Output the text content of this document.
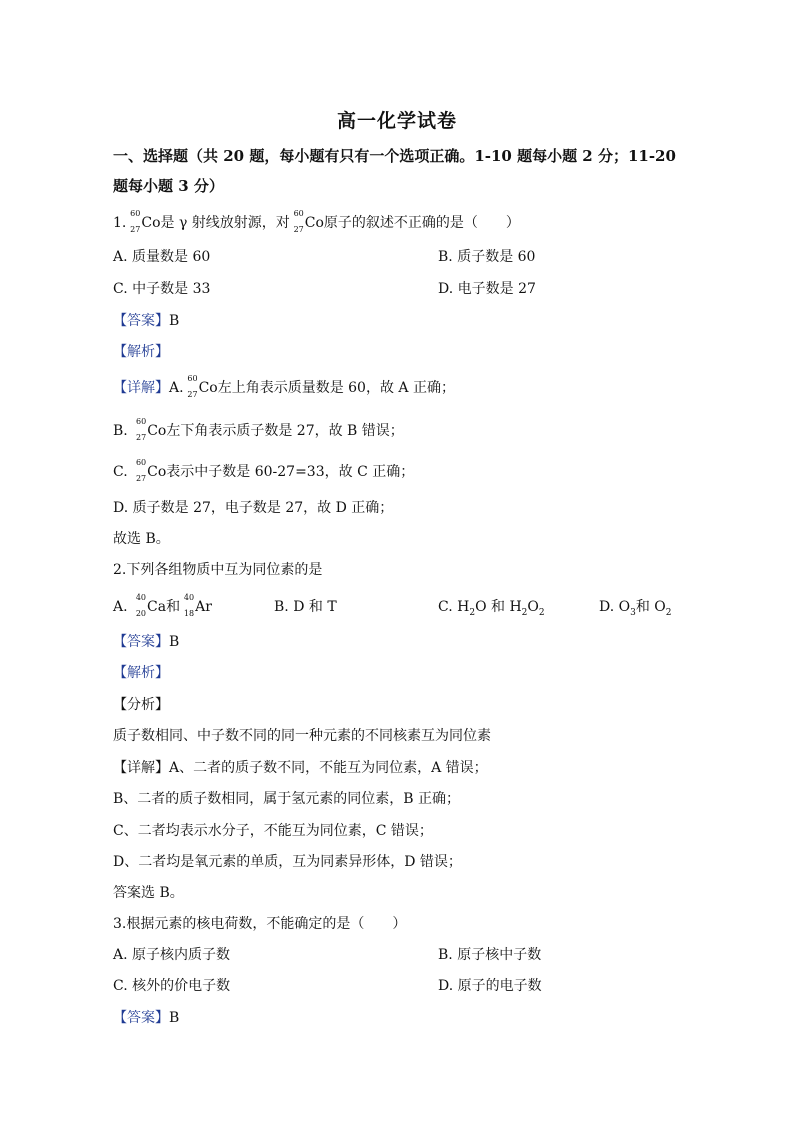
高一化学试卷
一、选择题（共 20 题，每小题有只有一个选项正确。1-10 题每小题 2 分；11-20
题每小题 3 分）
1.
60
27 Co是 γ 射线放射源，对
60
27 Co原子的叙述不正确的是（　　）
A. 质量数是 60	B. 质子数是 60
C. 中子数是 33	D. 电子数是 27
【答案】B
【解析】
【详解】A.
60
27 Co左上角表示质量数是 60，故 A 正确；
B.
60
27 Co左下角表示质子数是 27，故 B 错误；
C.
60
27 Co表示中子数是 60-27=33，故 C 正确；
D. 质子数是 27，电子数是 27，故 D 正确；
故选 B。
2.下列各组物质中互为同位素的是
A.
40
20 Ca和
40
18 Ar	B. D 和 T	C. $H_2O$ 和 $H_2O_2$	D. $O_3$和 $O_2$
【答案】B
【解析】
【分析】
质子数相同、中子数不同的同一种元素的不同核素互为同位素
【详解】A、二者的质子数不同，不能互为同位素，A 错误；
B、二者的质子数相同，属于氢元素的同位素，B 正确；
C、二者均表示水分子，不能互为同位素，C 错误；
D、二者均是氧元素的单质，互为同素异形体，D 错误；
答案选 B。
3.根据元素的核电荷数，不能确定的是（　　）
A. 原子核内质子数	B. 原子核中子数
C. 核外的价电子数	D. 原子的电子数
【答案】B
